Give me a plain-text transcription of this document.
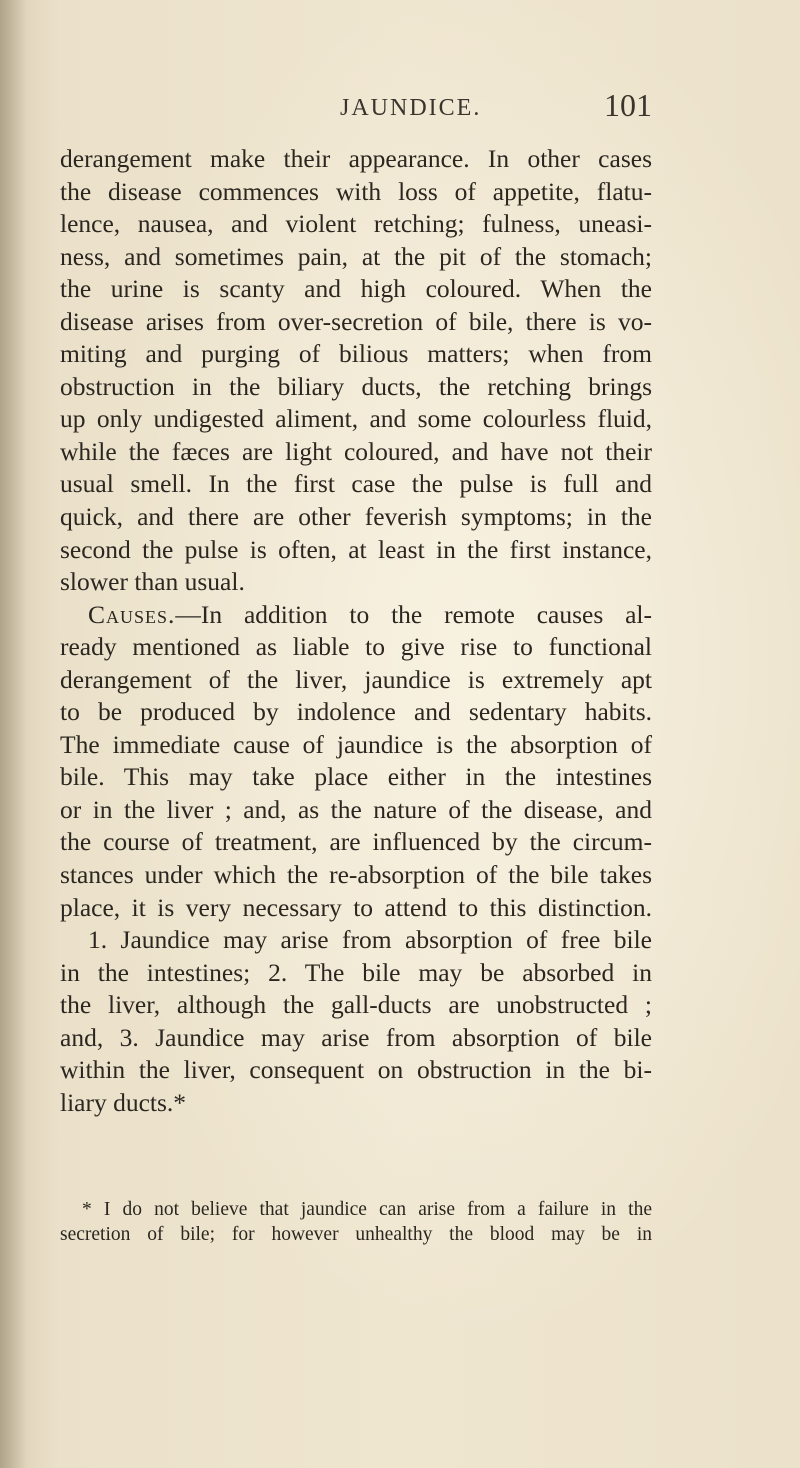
JAUNDICE.	101
derangement make their appearance. In other cases
the disease commences with loss of appetite, flatu-
lence, nausea, and violent retching; fulness, uneasi-
ness, and sometimes pain, at the pit of the stomach;
the urine is scanty and high coloured. When the
disease arises from over-secretion of bile, there is vo-
miting and purging of bilious matters; when from
obstruction in the biliary ducts, the retching brings
up only undigested aliment, and some colourless fluid,
while the fæces are light coloured, and have not their
usual smell. In the first case the pulse is full and
quick, and there are other feverish symptoms; in the
second the pulse is often, at least in the first instance,
slower than usual.
Causes.—In addition to the remote causes al-
ready mentioned as liable to give rise to functional
derangement of the liver, jaundice is extremely apt
to be produced by indolence and sedentary habits.
The immediate cause of jaundice is the absorption of
bile. This may take place either in the intestines
or in the liver ; and, as the nature of the disease, and
the course of treatment, are influenced by the circum-
stances under which the re-absorption of the bile takes
place, it is very necessary to attend to this distinction.
1. Jaundice may arise from absorption of free bile
in the intestines; 2. The bile may be absorbed in
the liver, although the gall-ducts are unobstructed ;
and, 3. Jaundice may arise from absorption of bile
within the liver, consequent on obstruction in the bi-
liary ducts.*
* I do not believe that jaundice can arise from a failure in the
secretion of bile; for however unhealthy the blood may be in
